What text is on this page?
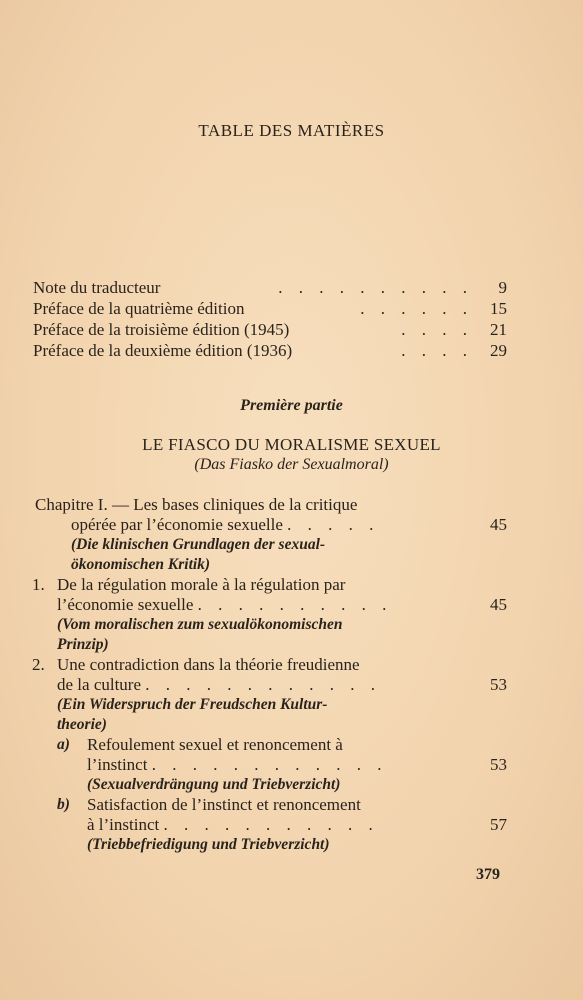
TABLE DES MATIÈRES
Note du traducteur	. . . . . . . . . . 9
Préface de la quatrième édition	. . . . . . 15
Préface de la troisième édition (1945)	. . . . 21
Préface de la deuxième édition (1936)	. . . . 29
Première partie
LE FIASCO DU MORALISME SEXUEL
(Das Fiasko der Sexualmoral)
Chapitre I. — Les bases cliniques de la critique
opérée par l’économie sexuelle . . . . .	45
(Die klinischen Grundlagen der sexual-
ökonomischen Kritik)
1. De la régulation morale à la régulation par
l’économie sexuelle . . . . . . . . . .	45
(Vom moralischen zum sexualökonomischen
Prinzip)
2. Une contradiction dans la théorie freudienne
de la culture . . . . . . . . . . . .	53
(Ein Widerspruch der Freudschen Kultur-
theorie)
a) Refoulement sexuel et renoncement à
l’instinct . . . . . . . . . . . .	53
(Sexualverdrängung und Triebverzicht)
b) Satisfaction de l’instinct et renoncement
à l’instinct . . . . . . . . . . .	57
(Triebbefriedigung und Triebverzicht)
379
